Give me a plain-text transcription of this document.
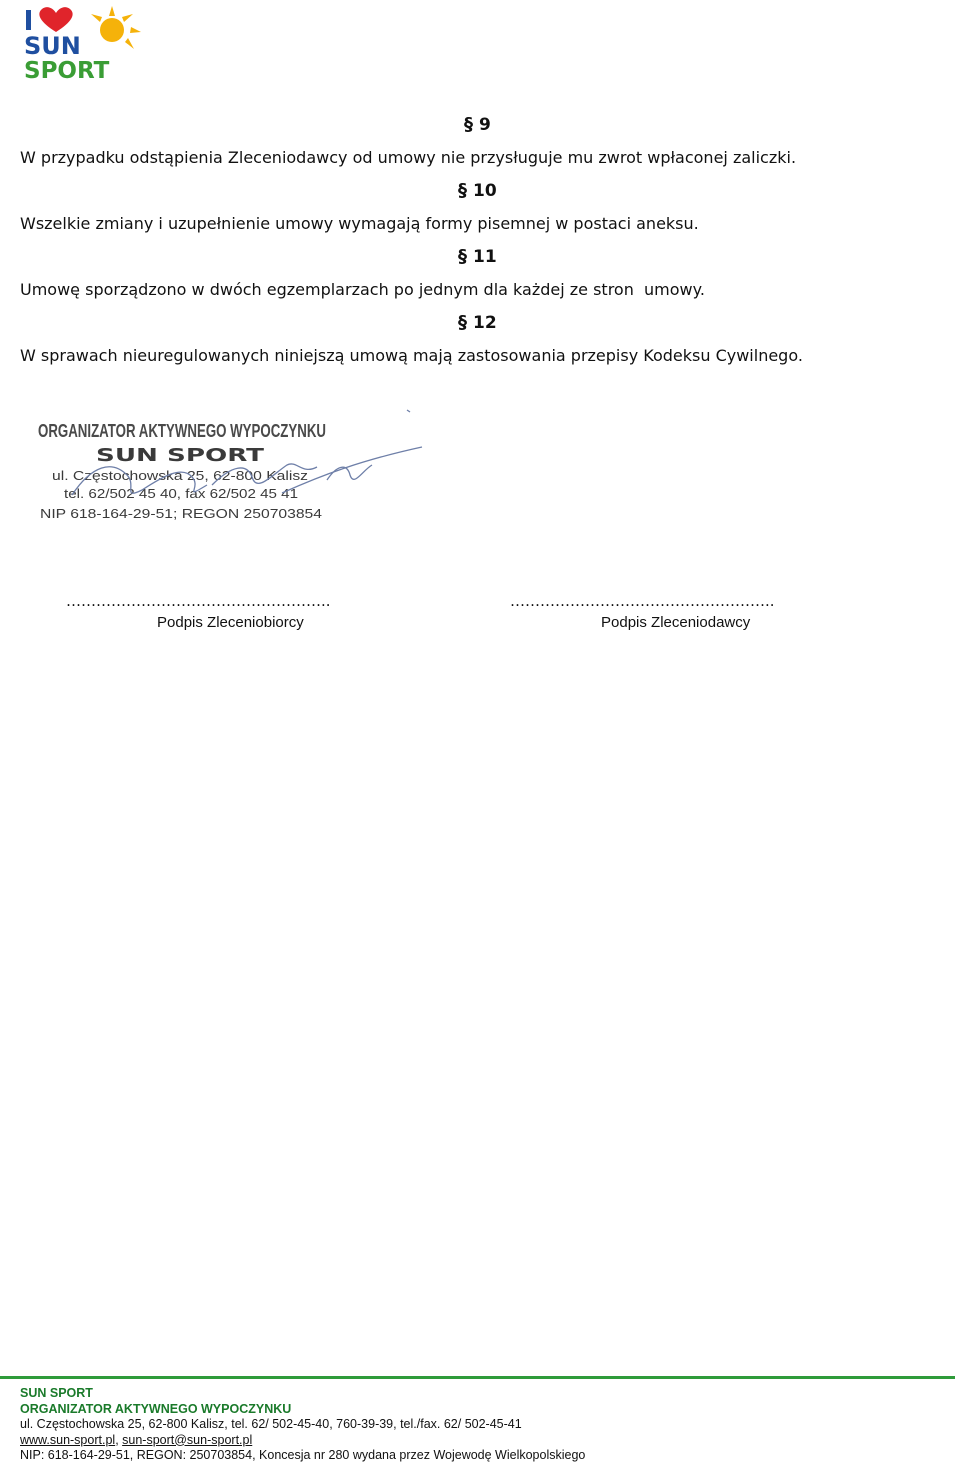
SUN
SPORT
§ 9
W przypadku odstąpienia Zleceniodawcy od umowy nie przysługuje mu zwrot wpłaconej zaliczki.
§ 10
Wszelkie zmiany i uzupełnienie umowy wymagają formy pisemnej w postaci aneksu.
§ 11
Umowę sporządzono w dwóch egzemplarzach po jednym dla każdej ze stron  umowy.
§ 12
W sprawach nieuregulowanych niniejszą umową mają zastosowania przepisy Kodeksu Cywilnego.
ORGANIZATOR AKTYWNEGO WYPOCZYNKU
SUN SPORT
ul. Częstochowska 25, 62-800 Kalisz
tel. 62/502 45 40, fax 62/502 45 41
NIP 618-164-29-51; REGON 250703854
……………………………………………..
Podpis Zleceniobiorcy
……………………………………………..
Podpis Zleceniodawcy
SUN SPORT
ORGANIZATOR AKTYWNEGO WYPOCZYNKU
ul. Częstochowska 25, 62-800 Kalisz, tel. 62/ 502-45-40, 760-39-39, tel./fax. 62/ 502-45-41
www.sun-sport.pl, sun-sport@sun-sport.pl
NIP: 618-164-29-51, REGON: 250703854, Koncesja nr 280 wydana przez Wojewodę Wielkopolskiego
